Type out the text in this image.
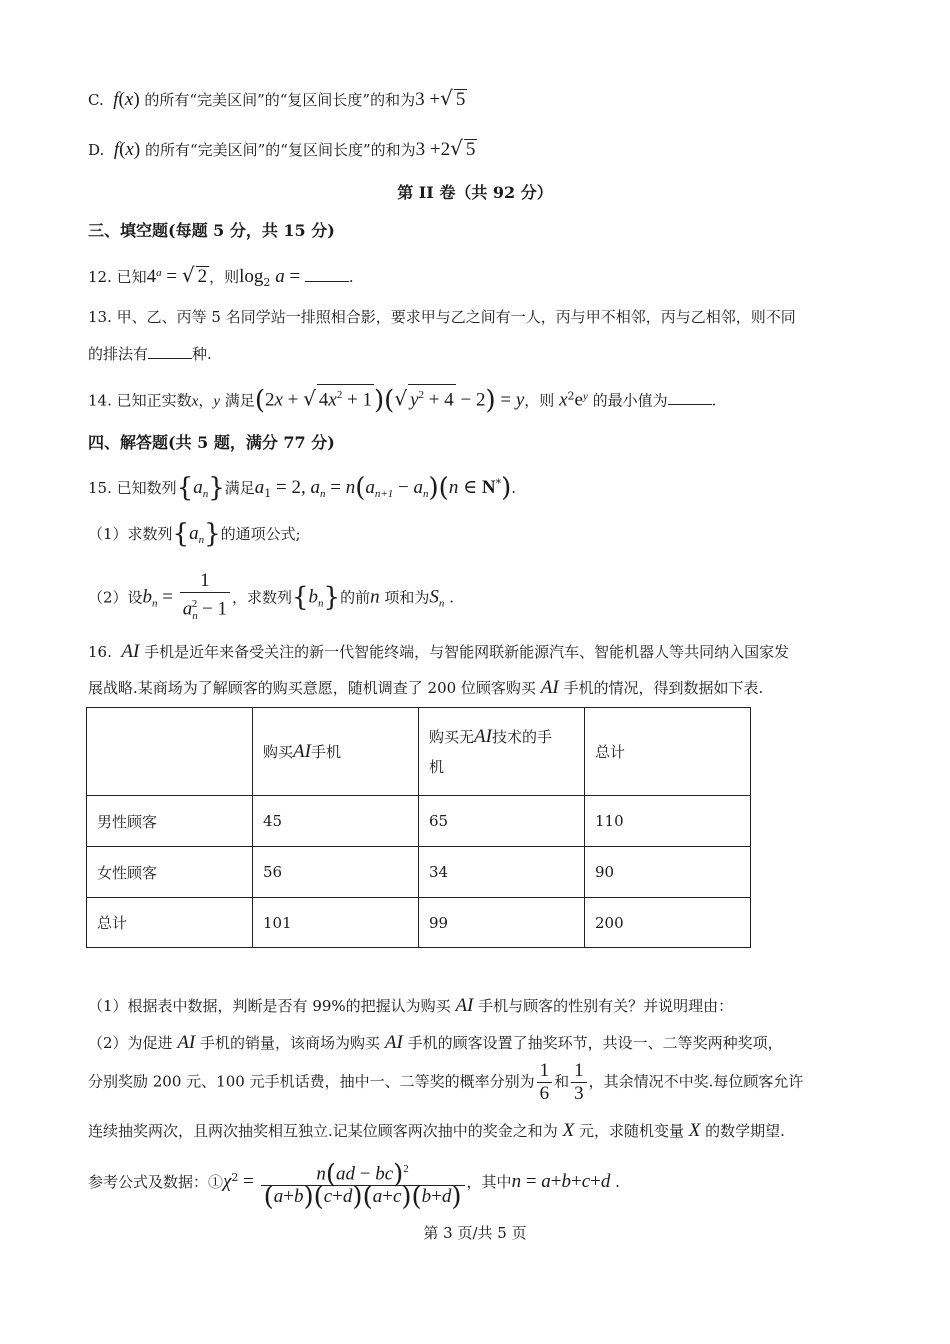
C. f(x) 的所有“完美区间”的“复区间长度”的和为3 +√ 5
D. f(x) 的所有“完美区间”的“复区间长度”的和为3 +2√ 5
第 II 卷（共 92 分）
三、填空题(每题 5 分，共 15 分)
12. 已知$4^a$ = √ 2 ，则$\log_2 a$ =	.
13. 甲、乙、丙等 5 名同学站一排照相合影，要求甲与乙之间有一人，丙与甲不相邻，丙与乙相邻，则不同
的排法有	种.
14. 已知正实数x，y 满足(2x + √ $4x^2 + 1)(√$ $y^2 + 4 - 2) = y$，则 $x^2e^y$ 的最小值为	.
四、解答题(共 5 题，满分 77 分)
15. 已知数列$\{a_n\}$满足$a_1 = 2$, $a_n = n(a_{n+1} - a_n)(n$ ∈ N*).
（1）求数列$\{a_n\}$的通项公式;
（2）设$b_n = \frac{1}{a_n^2 - 1}$ ，求数列$\{b_n\}$的前n 项和为$S_n$ .
16. AI 手机是近年来备受关注的新一代智能终端，与智能网联新能源汽车、智能机器人等共同纳入国家发
展战略.某商场为了解顾客的购买意愿，随机调查了 200 位顾客购买 AI 手机的情况，得到数据如下表.
	购买AI手机	购买无AI技术的手
机	总计
男性顾客	45	65	110
女性顾客	56	34	90
总计	101	99	200
（1）根据表中数据，判断是否有 99%的把握认为购买 AI 手机与顾客的性别有关？并说明理由：
（2）为促进 AI 手机的销量，该商场为购买 AI 手机的顾客设置了抽奖环节，共设一、二等奖两种奖项，
分别奖励 200 元、100 元手机话费，抽中一、二等奖的概率分别为 $\frac{1}{6}$ 和 $\frac{1}{3}$ ，其余情况不中奖.每位顾客允许
连续抽奖两次，且两次抽奖相互独立.记某位顾客两次抽中的奖金之和为 X 元，求随机变量 X 的数学期望.
参考公式及数据：$①\chi^2 = \frac{n(ad - bc)^2}{(a+b)(c+d)(a+c)(b+d)}$ ，其中n = a+b+c+d .
第 3 页/共 5 页
